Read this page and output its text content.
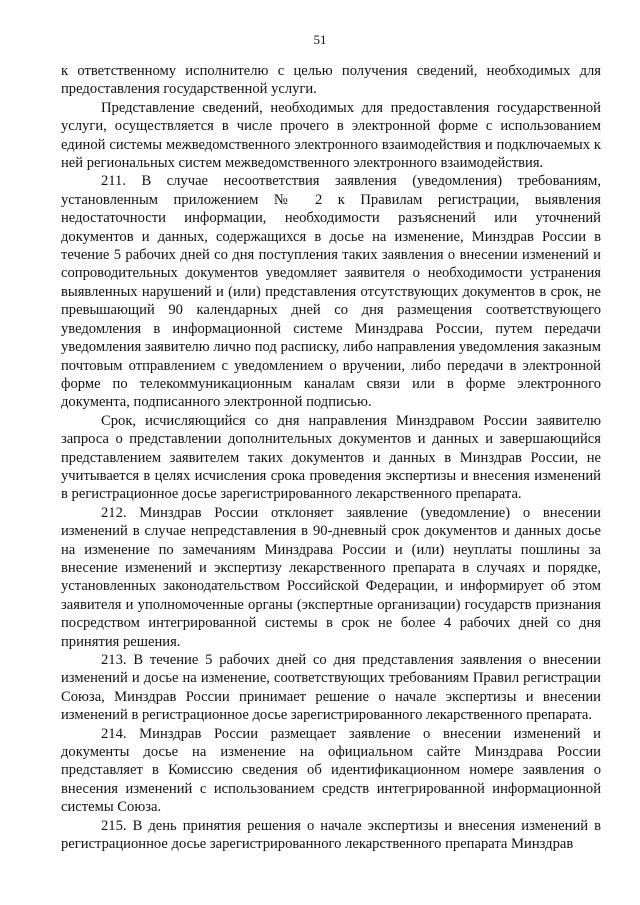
51

к ответственному исполнителю с целью получения сведений, необходимых для предоставления государственной услуги.

Представление сведений, необходимых для предоставления государственной услуги, осуществляется в числе прочего в электронной форме с использованием единой системы межведомственного электронного взаимодействия и подключаемых к ней региональных систем межведомственного электронного взаимодействия.

211. В случае несоответствия заявления (уведомления) требованиям, установленным приложением № 2 к Правилам регистрации, выявления недостаточности информации, необходимости разъяснений или уточнений документов и данных, содержащихся в досье на изменение, Минздрав России в течение 5 рабочих дней со дня поступления таких заявления о внесении изменений и сопроводительных документов уведомляет заявителя о необходимости устранения выявленных нарушений и (или) представления отсутствующих документов в срок, не превышающий 90 календарных дней со дня размещения соответствующего уведомления в информационной системе Минздрава России, путем передачи уведомления заявителю лично под расписку, либо направления уведомления заказным почтовым отправлением с уведомлением о вручении, либо передачи в электронной форме по телекоммуникационным каналам связи или в форме электронного документа, подписанного электронной подписью.

Срок, исчисляющийся со дня направления Минздравом России заявителю запроса о представлении дополнительных документов и данных и завершающийся представлением заявителем таких документов и данных в Минздрав России, не учитывается в целях исчисления срока проведения экспертизы и внесения изменений в регистрационное досье зарегистрированного лекарственного препарата.

212. Минздрав России отклоняет заявление (уведомление) о внесении изменений в случае непредставления в 90-дневный срок документов и данных досье на изменение по замечаниям Минздрава России и (или) неуплаты пошлины за внесение изменений и экспертизу лекарственного препарата в случаях и порядке, установленных законодательством Российской Федерации, и информирует об этом заявителя и уполномоченные органы (экспертные организации) государств признания посредством интегрированной системы в срок не более 4 рабочих дней со дня принятия решения.

213. В течение 5 рабочих дней со дня представления заявления о внесении изменений и досье на изменение, соответствующих требованиям Правил регистрации Союза, Минздрав России принимает решение о начале экспертизы и внесении изменений в регистрационное досье зарегистрированного лекарственного препарата.

214. Минздрав России размещает заявление о внесении изменений и документы досье на изменение на официальном сайте Минздрава России представляет в Комиссию сведения об идентификационном номере заявления о внесения изменений с использованием средств интегрированной информационной системы Союза.

215. В день принятия решения о начале экспертизы и внесения изменений в регистрационное досье зарегистрированного лекарственного препарата Минздрав
